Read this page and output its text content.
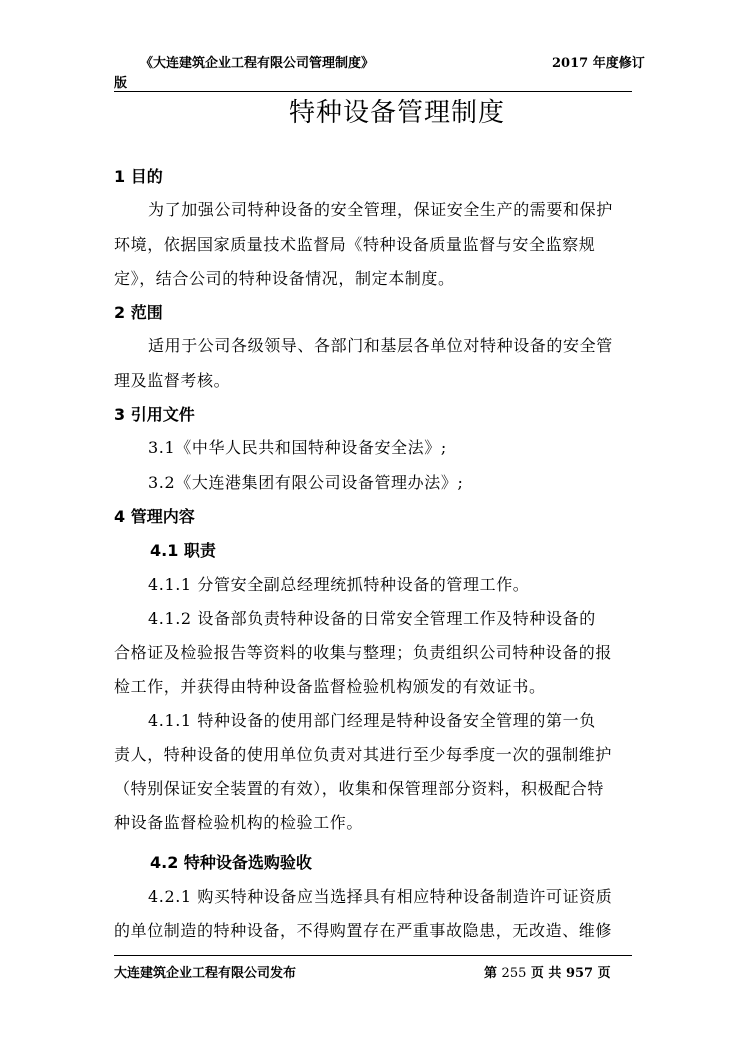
《大连建筑企业工程有限公司管理制度》	2017 年度修订
版
特种设备管理制度
1 目的
为了加强公司特种设备的安全管理，保证安全生产的需要和保护
环境，依据国家质量技术监督局《特种设备质量监督与安全监察规
定》，结合公司的特种设备情况，制定本制度。
2 范围
适用于公司各级领导、各部门和基层各单位对特种设备的安全管
理及监督考核。
3 引用文件
3.1《中华人民共和国特种设备安全法》;
3.2《大连港集团有限公司设备管理办法》;
4 管理内容
4.1 职责
4.1.1 分管安全副总经理统抓特种设备的管理工作。
4.1.2 设备部负责特种设备的日常安全管理工作及特种设备的
合格证及检验报告等资料的收集与整理；负责组织公司特种设备的报
检工作，并获得由特种设备监督检验机构颁发的有效证书。
4.1.1 特种设备的使用部门经理是特种设备安全管理的第一负
责人，特种设备的使用单位负责对其进行至少每季度一次的强制维护
（特别保证安全装置的有效），收集和保管理部分资料，积极配合特
种设备监督检验机构的检验工作。
4.2 特种设备选购验收
4.2.1 购买特种设备应当选择具有相应特种设备制造许可证资质
的单位制造的特种设备，不得购置存在严重事故隐患，无改造、维修
大连建筑企业工程有限公司发布	第 255 页 共 957 页
